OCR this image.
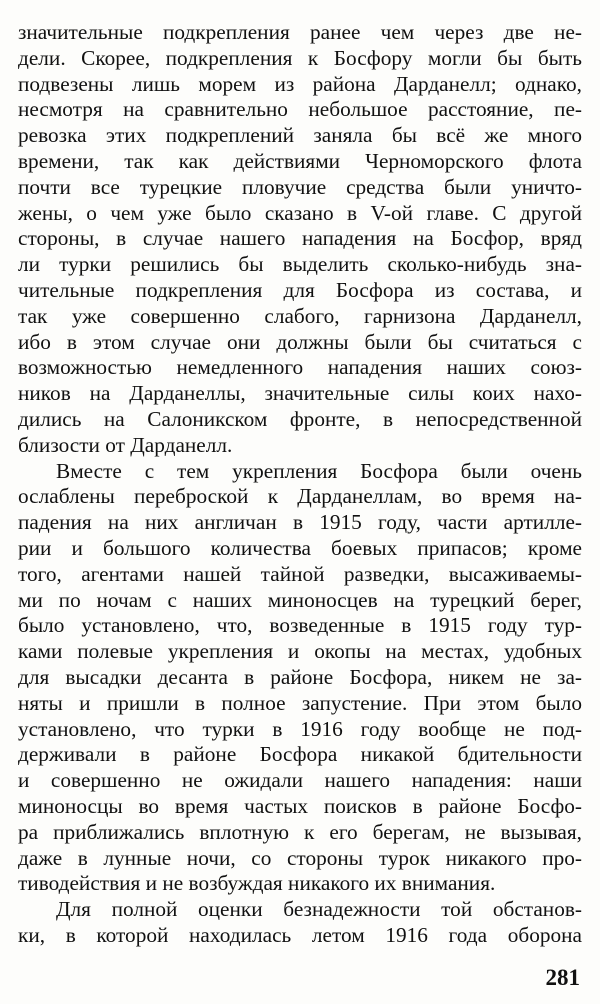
значительные подкрепления ранее чем через две не-
дели. Скорее, подкрепления к Босфору могли бы быть
подвезены лишь морем из района Дарданелл; однако,
несмотря на сравнительно небольшое расстояние, пе-
ревозка этих подкреплений заняла бы всё же много
времени, так как действиями Черноморского флота
почти все турецкие пловучие средства были уничто-
жены, о чем уже было сказано в V-ой главе. С другой
стороны, в случае нашего нападения на Босфор, вряд
ли турки решились бы выделить сколько-нибудь зна-
чительные подкрепления для Босфора из состава, и
так уже совершенно слабого, гарнизона Дарданелл,
ибо в этом случае они должны были бы считаться с
возможностью немедленного нападения наших союз-
ников на Дарданеллы, значительные силы коих нахо-
дились на Салоникском фронте, в непосредственной
близости от Дарданелл.
Вместе с тем укрепления Босфора были очень
ослаблены переброской к Дарданеллам, во время на-
падения на них англичан в 1915 году, части артилле-
рии и большого количества боевых припасов; кроме
того, агентами нашей тайной разведки, высаживаемы-
ми по ночам с наших миноносцев на турецкий берег,
было установлено, что, возведенные в 1915 году тур-
ками полевые укрепления и окопы на местах, удобных
для высадки десанта в районе Босфора, никем не за-
няты и пришли в полное запустение. При этом было
установлено, что турки в 1916 году вообще не под-
держивали в районе Босфора никакой бдительности
и совершенно не ожидали нашего нападения: наши
миноносцы во время частых поисков в районе Босфо-
ра приближались вплотную к его берегам, не вызывая,
даже в лунные ночи, со стороны турок никакого про-
тиводействия и не возбуждая никакого их внимания.
Для полной оценки безнадежности той обстанов-
ки, в которой находилась летом 1916 года оборона
281
